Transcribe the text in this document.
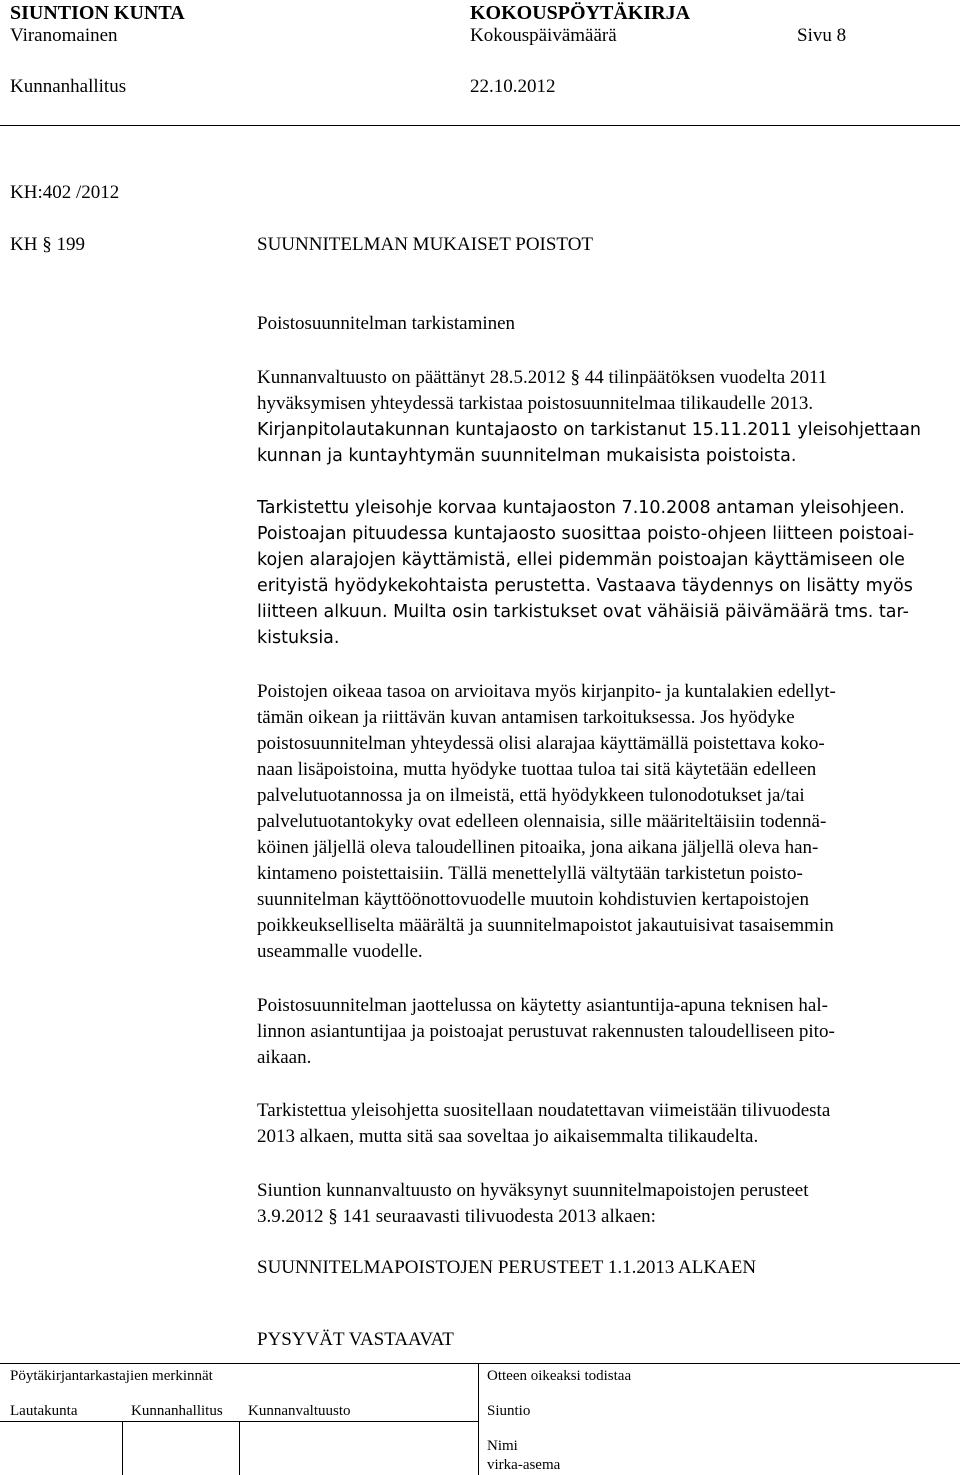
SIUNTION KUNTA	KOKOUSPÖYTÄKIRJA
Viranomainen	Kokouspäivämäärä	Sivu 8
Kunnanhallitus	22.10.2012
KH:402 /2012
KH § 199	SUUNNITELMAN MUKAISET POISTOT
Poistosuunnitelman tarkistaminen
Kunnanvaltuusto on päättänyt 28.5.2012 § 44 tilinpäätöksen vuodelta 2011
hyväksymisen yhteydessä tarkistaa poistosuunnitelmaa tilikaudelle 2013.
Kirjanpitolautakunnan kuntajaosto on tarkistanut 15.11.2011 yleisohjettaan
kunnan ja kuntayhtymän suunnitelman mukaisista poistoista.
Tarkistettu yleisohje korvaa kuntajaoston 7.10.2008 antaman yleisohjeen.
Poistoajan pituudessa kuntajaosto suosittaa poisto-ohjeen liitteen poistoai-
kojen alarajojen käyttämistä, ellei pidemmän poistoajan käyttämiseen ole
erityistä hyödykekohtaista perustetta. Vastaava täydennys on lisätty myös
liitteen alkuun. Muilta osin tarkistukset ovat vähäisiä päivämäärä tms. tar-
kistuksia.
Poistojen oikeaa tasoa on arvioitava myös kirjanpito- ja kuntalakien edellyt-
tämän oikean ja riittävän kuvan antamisen tarkoituksessa. Jos hyödyke
poistosuunnitelman yhteydessä olisi alarajaa käyttämällä poistettava koko-
naan lisäpoistoina, mutta hyödyke tuottaa tuloa tai sitä käytetään edelleen
palvelutuotannossa ja on ilmeistä, että hyödykkeen tulonodotukset ja/tai
palvelutuotantokyky ovat edelleen olennaisia, sille määriteltäisiin todennä-
köinen jäljellä oleva taloudellinen pitoaika, jona aikana jäljellä oleva han-
kintameno poistettaisiin. Tällä menettelyllä vältytään tarkistetun poisto-
suunnitelman käyttöönottovuodelle muutoin kohdistuvien kertapoistojen
poikkeukselliselta määrältä ja suunnitelmapoistot jakautuisivat tasaisemmin
useammalle vuodelle.
Poistosuunnitelman jaottelussa on käytetty asiantuntija-apuna teknisen hal-
linnon asiantuntijaa ja poistoajat perustuvat rakennusten taloudelliseen pito-
aikaan.
Tarkistettua yleisohjetta suositellaan noudatettavan viimeistään tilivuodesta
2013 alkaen, mutta sitä saa soveltaa jo aikaisemmalta tilikaudelta.
Siuntion kunnanvaltuusto on hyväksynyt suunnitelmapoistojen perusteet
3.9.2012 § 141 seuraavasti tilivuodesta 2013 alkaen:
SUUNNITELMAPOISTOJEN PERUSTEET 1.1.2013 ALKAEN
PYSYVÄT VASTAAVAT
Pöytäkirjantarkastajien merkinnät	Otteen oikeaksi todistaa
Lautakunta	Kunnanhallitus Kunnanvaltuusto	Siuntio
Nimi
virka-asema
